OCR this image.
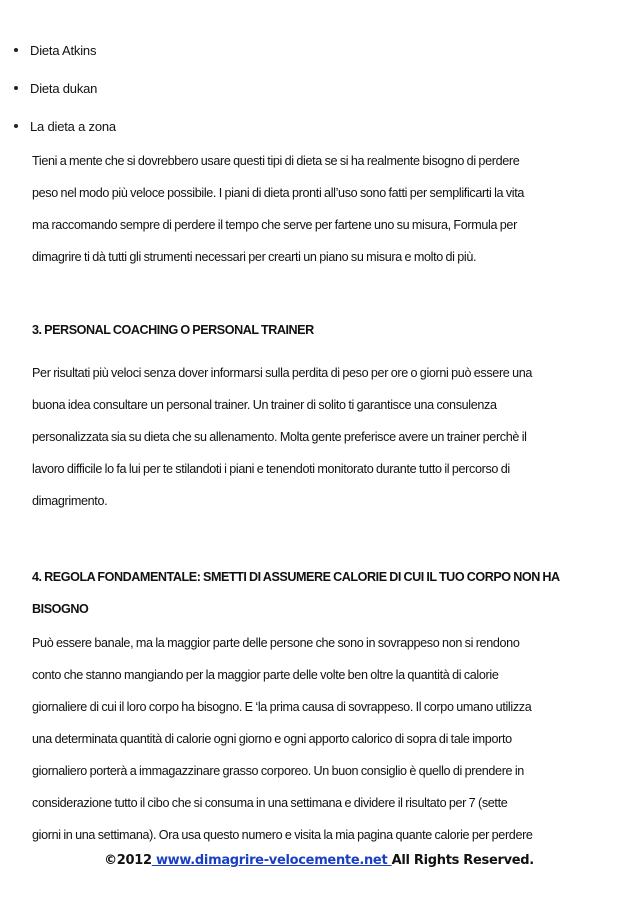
Dieta Atkins
Dieta dukan
La dieta a zona

Tieni a mente che si dovrebbero usare questi tipi di dieta se si ha realmente bisogno di perdere
peso nel modo più veloce possibile. I piani di dieta pronti all’uso sono fatti per semplificarti la vita
ma raccomando sempre di perdere il tempo che serve per fartene uno su misura, Formula per
dimagrire ti dà tutti gli strumenti necessari per crearti un piano su misura e molto di più.

3. PERSONAL COACHING O PERSONAL TRAINER

Per risultati più veloci senza dover informarsi sulla perdita di peso per ore o giorni può essere una
buona idea consultare un personal trainer. Un trainer di solito ti garantisce una consulenza
personalizzata sia su dieta che su allenamento. Molta gente preferisce avere un trainer perchè il
lavoro difficile lo fa lui per te stilandoti i piani e tenendoti monitorato durante tutto il percorso di
dimagrimento.

4. REGOLA FONDAMENTALE: SMETTI DI ASSUMERE CALORIE DI CUI IL TUO CORPO NON HA
BISOGNO

Può essere banale, ma la maggior parte delle persone che sono in sovrappeso non si rendono
conto che stanno mangiando per la maggior parte delle volte ben oltre la quantità di calorie
giornaliere di cui il loro corpo ha bisogno. E ‘la prima causa di sovrappeso. Il corpo umano utilizza
una determinata quantità di calorie ogni giorno e ogni apporto calorico di sopra di tale importo
giornaliero porterà a immagazzinare grasso corporeo. Un buon consiglio è quello di prendere in
considerazione tutto il cibo che si consuma in una settimana e dividere il risultato per 7 (sette
giorni in una settimana). Ora usa questo numero e visita la mia pagina quante calorie per perdere

©2012 www.dimagrire-velocemente.net All Rights Reserved.
